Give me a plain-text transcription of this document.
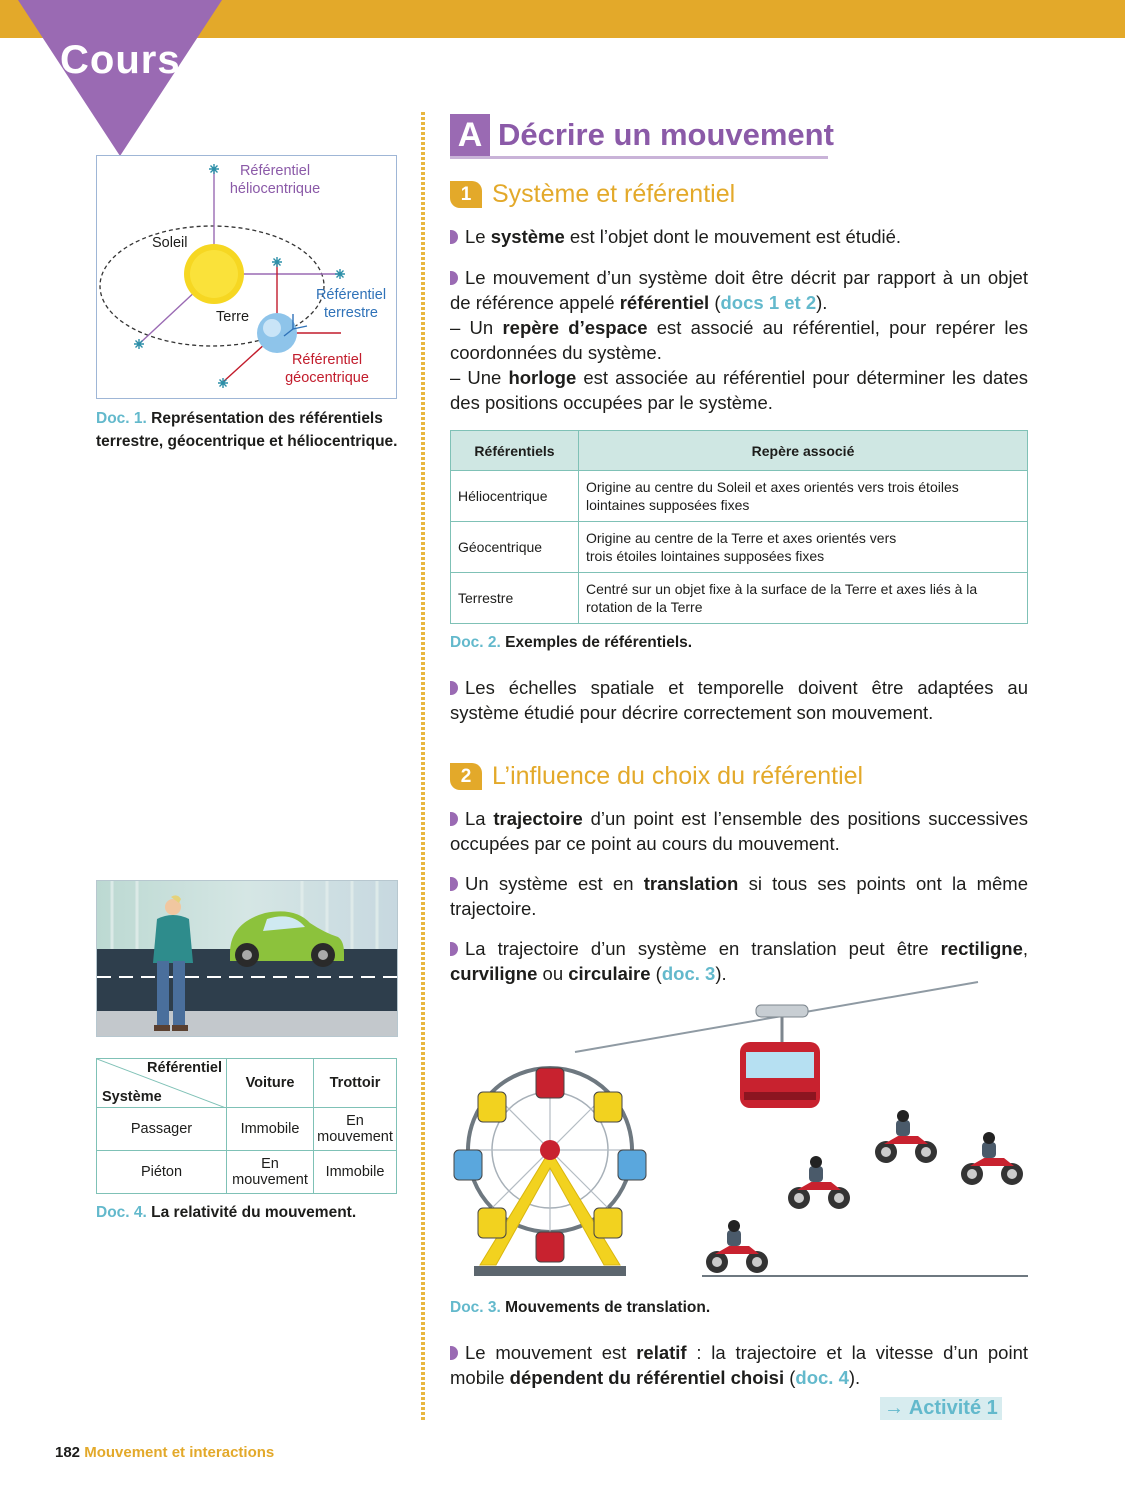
Cours
Référentiel héliocentrique
Soleil
Terre
Référentiel terrestre
Référentiel géocentrique
Doc. 1. Représentation des référentiels terrestre, géocentrique et héliocentrique.
Référentiel
Système	Voiture	Trottoir
Passager	Immobile	En mouvement
Piéton	En mouvement	Immobile
Doc. 4. La relativité du mouvement.
A Décrire un mouvement
1 Système et référentiel
Le système est l’objet dont le mouvement est étudié.
Le mouvement d’un système doit être décrit par rapport à un objet de référence appelé référentiel (docs 1 et 2).
– Un repère d’espace est associé au référentiel, pour repérer les coordonnées du système.
– Une horloge est associée au référentiel pour déterminer les dates des positions occupées par le système.
Référentiels	Repère associé
Héliocentrique	Origine au centre du Soleil et axes orientés vers trois étoiles lointaines supposées fixes
Géocentrique	Origine au centre de la Terre et axes orientés vers trois étoiles lointaines supposées fixes
Terrestre	Centré sur un objet fixe à la surface de la Terre et axes liés à la rotation de la Terre
Doc. 2. Exemples de référentiels.
Les échelles spatiale et temporelle doivent être adaptées au système étudié pour décrire correctement son mouvement.
2 L’influence du choix du référentiel
La trajectoire d’un point est l’ensemble des positions successives occupées par ce point au cours du mouvement.
Un système est en translation si tous ses points ont la même trajectoire.
La trajectoire d’un système en translation peut être rectiligne, curviligne ou circulaire (doc. 3).
Doc. 3. Mouvements de translation.
Le mouvement est relatif : la trajectoire et la vitesse d’un point mobile dépendent du référentiel choisi (doc. 4).
→ Activité 1
182 Mouvement et interactions
